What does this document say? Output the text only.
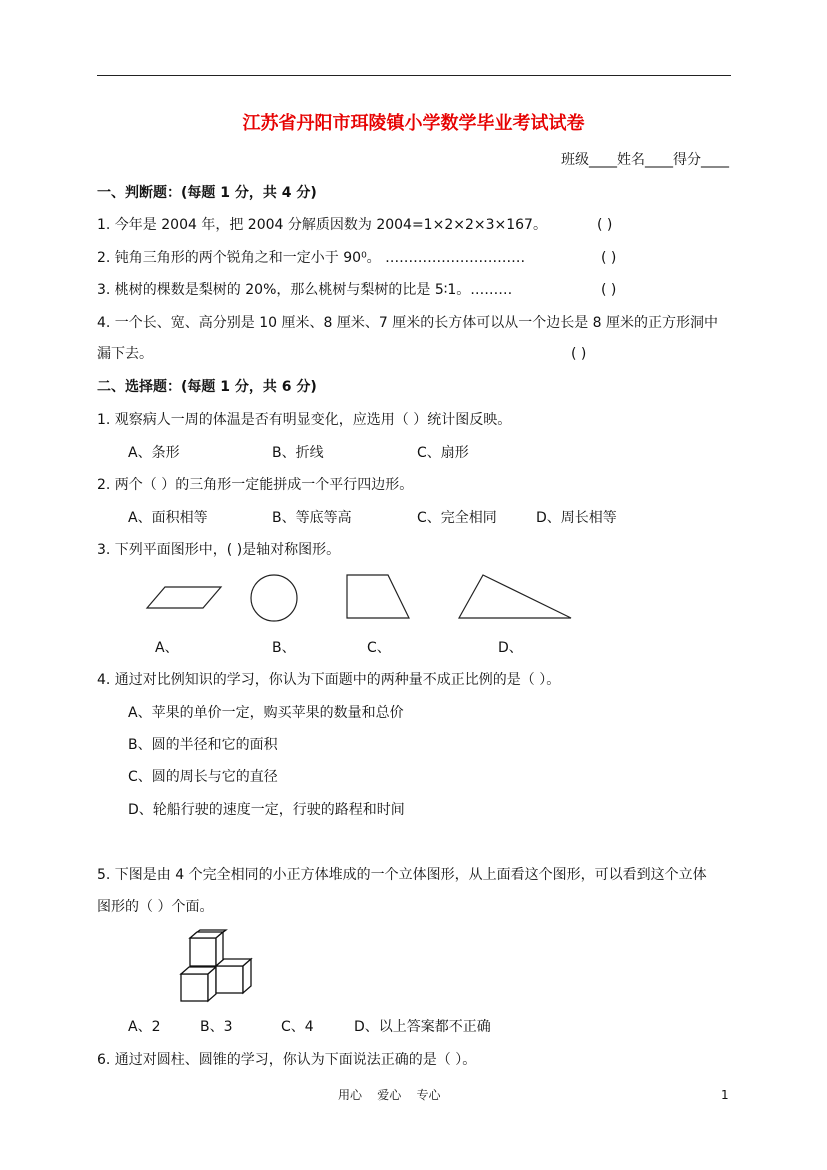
江苏省丹阳市珥陵镇小学数学毕业考试试卷
班级____姓名____得分____
一、判断题：(每题 1 分，共 4 分)
1. 今年是 2004 年，把 2004 分解质因数为 2004=1×2×2×3×167。	( )
2. 钝角三角形的两个锐角之和一定小于 90⁰。 …………………………	( )
3. 桃树的棵数是梨树的 20%，那么桃树与梨树的比是 5∶1。………	( )
4. 一个长、宽、高分别是 10 厘米、8 厘米、7 厘米的长方体可以从一个边长是 8 厘米的正方形洞中
漏下去。	( )
二、选择题：(每题 1 分，共 6 分)
1. 观察病人一周的体温是否有明显变化，应选用（ ）统计图反映。
A、条形	B、折线	C、扇形
2. 两个（ ）的三角形一定能拼成一个平行四边形。
A、面积相等	B、等底等高	C、完全相同	D、周长相等
3. 下列平面图形中，( )是轴对称图形。
A、	B、	C、	D、
4. 通过对比例知识的学习，你认为下面题中的两种量不成正比例的是（ ）。
A、苹果的单价一定，购买苹果的数量和总价
B、圆的半径和它的面积
C、圆的周长与它的直径
D、轮船行驶的速度一定，行驶的路程和时间
5. 下图是由 4 个完全相同的小正方体堆成的一个立体图形，从上面看这个图形，可以看到这个立体
图形的（ ）个面。
A、2	B、3	C、4	D、以上答案都不正确
6. 通过对圆柱、圆锥的学习，你认为下面说法正确的是（ ）。
用心    爱心    专心	1
